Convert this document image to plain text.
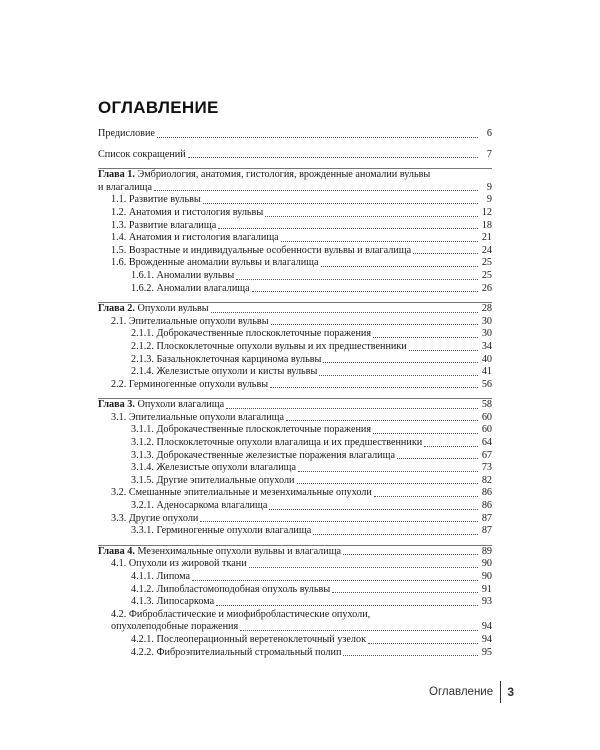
ОГЛАВЛЕНИЕ
Предисловие	6
Список сокращений	7
Глава 1. Эмбриология, анатомия, гистология, врожденные аномалии вульвы
и влагалища	9
1.1. Развитие вульвы	9
1.2. Анатомия и гистология вульвы	12
1.3. Развитие влагалища	18
1.4. Анатомия и гистология влагалища	21
1.5. Возрастные и индивидуальные особенности вульвы и влагалища	24
1.6. Врожденные аномалии вульвы и влагалища	25
1.6.1. Аномалии вульвы	25
1.6.2. Аномалии влагалища	26
Глава 2. Опухоли вульвы	28
2.1. Эпителиальные опухоли вульвы	30
2.1.1. Доброкачественные плоскоклеточные поражения	30
2.1.2. Плоскоклеточные опухоли вульвы и их предшественники	34
2.1.3. Базальноклеточная карцинома вульвы	40
2.1.4. Железистые опухоли и кисты вульвы	41
2.2. Герминогенные опухоли вульвы	56
Глава 3. Опухоли влагалища	58
3.1. Эпителиальные опухоли влагалища	60
3.1.1. Доброкачественные плоскоклеточные поражения	60
3.1.2. Плоскоклеточные опухоли влагалища и их предшественники	64
3.1.3. Доброкачественные железистые поражения влагалища	67
3.1.4. Железистые опухоли влагалища	73
3.1.5. Другие эпителиальные опухоли	82
3.2. Смешанные эпителиальные и мезенхимальные опухоли	86
3.2.1. Аденосаркома влагалища	86
3.3. Другие опухоли	87
3.3.1. Герминогенные опухоли влагалища	87
Глава 4. Мезенхимальные опухоли вульвы и влагалища	89
4.1. Опухоли из жировой ткани	90
4.1.1. Липома	90
4.1.2. Липобластомоподобная опухоль вульвы	91
4.1.3. Липосаркома	93
4.2. Фибробластические и миофибробластические опухоли,
опухолеподобные поражения	94
4.2.1. Послеоперационный веретеноклеточный узелок	94
4.2.2. Фиброэпителиальный стромальный полип	95
Оглавление 3
